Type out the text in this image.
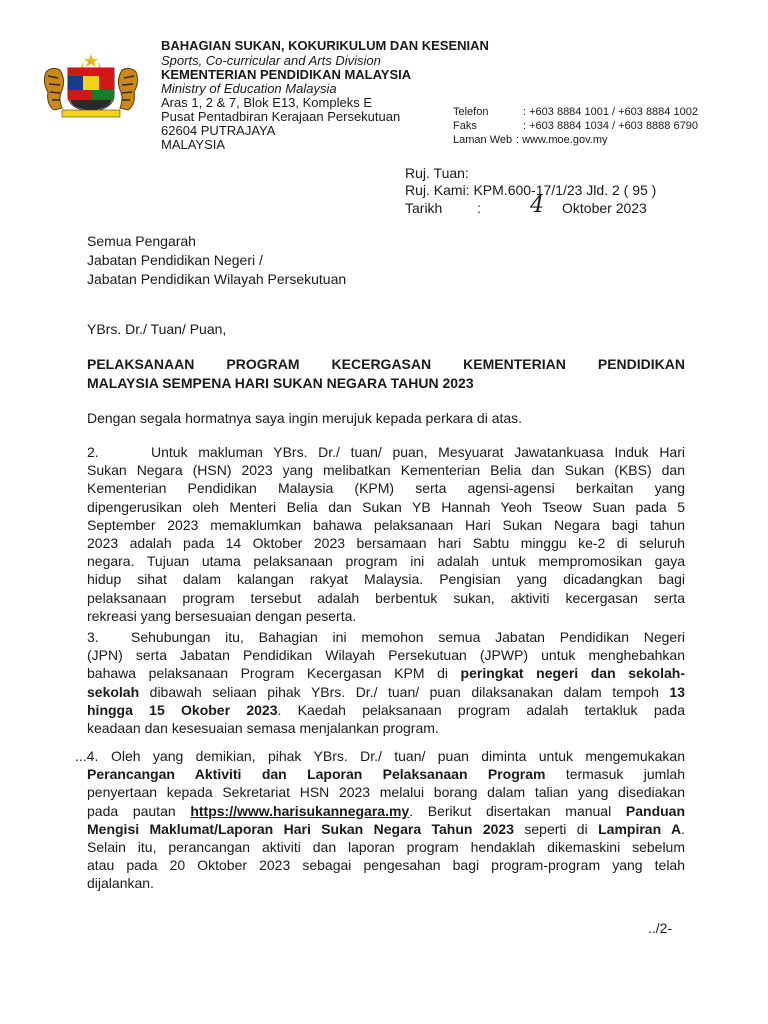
BAHAGIAN SUKAN, KOKURIKULUM DAN KESENIAN
Sports, Co-curricular and Arts Division
KEMENTERIAN PENDIDIKAN MALAYSIA
Ministry of Education Malaysia
Aras 1, 2 & 7, Blok E13, Kompleks E
Pusat Pentadbiran Kerajaan Persekutuan
62604 PUTRAJAYA
MALAYSIA
Telefon	: +603 8884 1001 / +603 8884 1002
Faks	: +603 8884 1034 / +603 8888 6790
Laman Web : www.moe.gov.my
Ruj. Tuan:
Ruj. Kami: KPM.600-17/1/23 Jld. 2 ( 95 )
Tarikh : 4 Oktober 2023
Semua Pengarah
Jabatan Pendidikan Negeri /
Jabatan Pendidikan Wilayah Persekutuan
YBrs. Dr./ Tuan/ Puan,
PELAKSANAAN PROGRAM KECERGASAN KEMENTERIAN PENDIDIKAN
MALAYSIA SEMPENA HARI SUKAN NEGARA TAHUN 2023
Dengan segala hormatnya saya ingin merujuk kepada perkara di atas.
2.	Untuk makluman YBrs. Dr./ tuan/ puan, Mesyuarat Jawatankuasa Induk Hari
Sukan Negara (HSN) 2023 yang melibatkan Kementerian Belia dan Sukan (KBS) dan
Kementerian Pendidikan Malaysia (KPM) serta agensi-agensi berkaitan yang
dipengerusikan oleh Menteri Belia dan Sukan YB Hannah Yeoh Tseow Suan pada 5
September 2023 memaklumkan bahawa pelaksanaan Hari Sukan Negara bagi tahun
2023 adalah pada 14 Oktober 2023 bersamaan hari Sabtu minggu ke-2 di seluruh
negara. Tujuan utama pelaksanaan program ini adalah untuk mempromosikan gaya
hidup sihat dalam kalangan rakyat Malaysia. Pengisian yang dicadangkan bagi
pelaksanaan program tersebut adalah berbentuk sukan, aktiviti kecergasan serta
rekreasi yang bersesuaian dengan peserta.
3. Sehubungan itu, Bahagian ini memohon semua Jabatan Pendidikan Negeri
(JPN) serta Jabatan Pendidikan Wilayah Persekutuan (JPWP) untuk menghebahkan
bahawa pelaksanaan Program Kecergasan KPM di peringkat negeri dan sekolah-
sekolah dibawah seliaan pihak YBrs. Dr./ tuan/ puan dilaksanakan dalam tempoh 13
hingga 15 Okober 2023. Kaedah pelaksanaan program adalah tertakluk pada
keadaan dan kesesuaian semasa menjalankan program.
...4. Oleh yang demikian, pihak YBrs. Dr./ tuan/ puan diminta untuk mengemukakan
Perancangan Aktiviti dan Laporan Pelaksanaan Program termasuk jumlah
penyertaan kepada Sekretariat HSN 2023 melalui borang dalam talian yang disediakan
pada pautan https://www.harisukannegara.my. Berikut disertakan manual Panduan
Mengisi Maklumat/Laporan Hari Sukan Negara Tahun 2023 seperti di Lampiran A.
Selain itu, perancangan aktiviti dan laporan program hendaklah dikemaskini sebelum
atau pada 20 Oktober 2023 sebagai pengesahan bagi program-program yang telah
dijalankan.
../2-
